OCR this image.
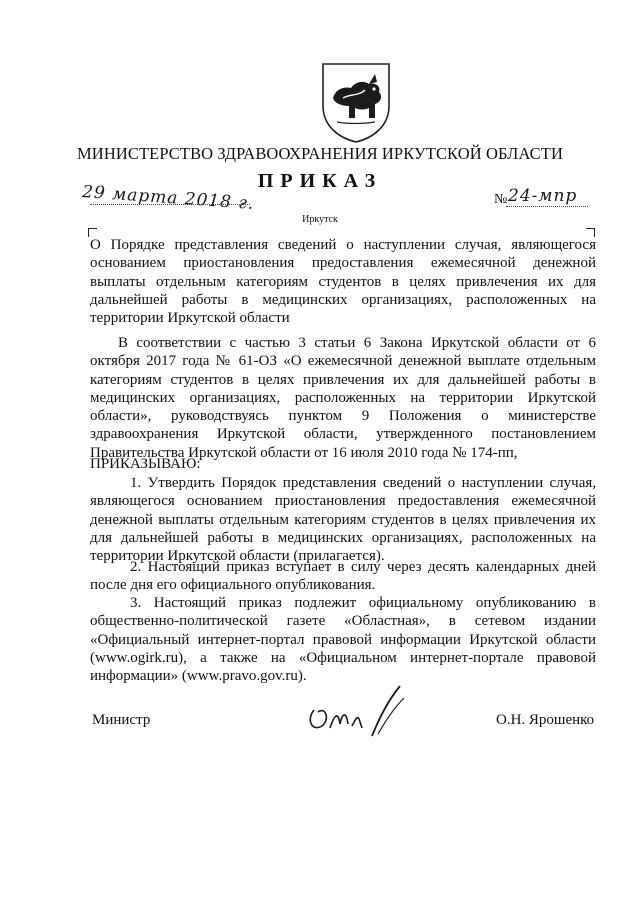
МИНИСТЕРСТВО ЗДРАВООХРАНЕНИЯ ИРКУТСКОЙ ОБЛАСТИ
ПРИКАЗ
29 марта 2018 г.	№ 24-мпр
Иркутск
О Порядке представления сведений о наступлении случая, являющегося основанием приостановления предоставления ежемесячной денежной выплаты отдельным категориям студентов в целях привлечения их для дальнейшей работы в медицинских организациях, расположенных на территории Иркутской области
В соответствии с частью 3 статьи 6 Закона Иркутской области от 6 октября 2017 года № 61-ОЗ «О ежемесячной денежной выплате отдельным категориям студентов в целях привлечения их для дальнейшей работы в медицинских организациях, расположенных на территории Иркутской области», руководствуясь пунктом 9 Положения о министерстве здравоохранения Иркутской области, утвержденного постановлением Правительства Иркутской области от 16 июля 2010 года № 174-пп,
ПРИКАЗЫВАЮ:
1. Утвердить Порядок представления сведений о наступлении случая, являющегося основанием приостановления предоставления ежемесячной денежной выплаты отдельным категориям студентов в целях привлечения их для дальнейшей работы в медицинских организациях, расположенных на территории Иркутской области (прилагается).
2. Настоящий приказ вступает в силу через десять календарных дней после дня его официального опубликования.
3. Настоящий приказ подлежит официальному опубликованию в общественно-политической газете «Областная», в сетевом издании «Официальный интернет-портал правовой информации Иркутской области (www.ogirk.ru), а также на «Официальном интернет-портале правовой информации» (www.pravo.gov.ru).
Министр	О.Н. Ярошенко
